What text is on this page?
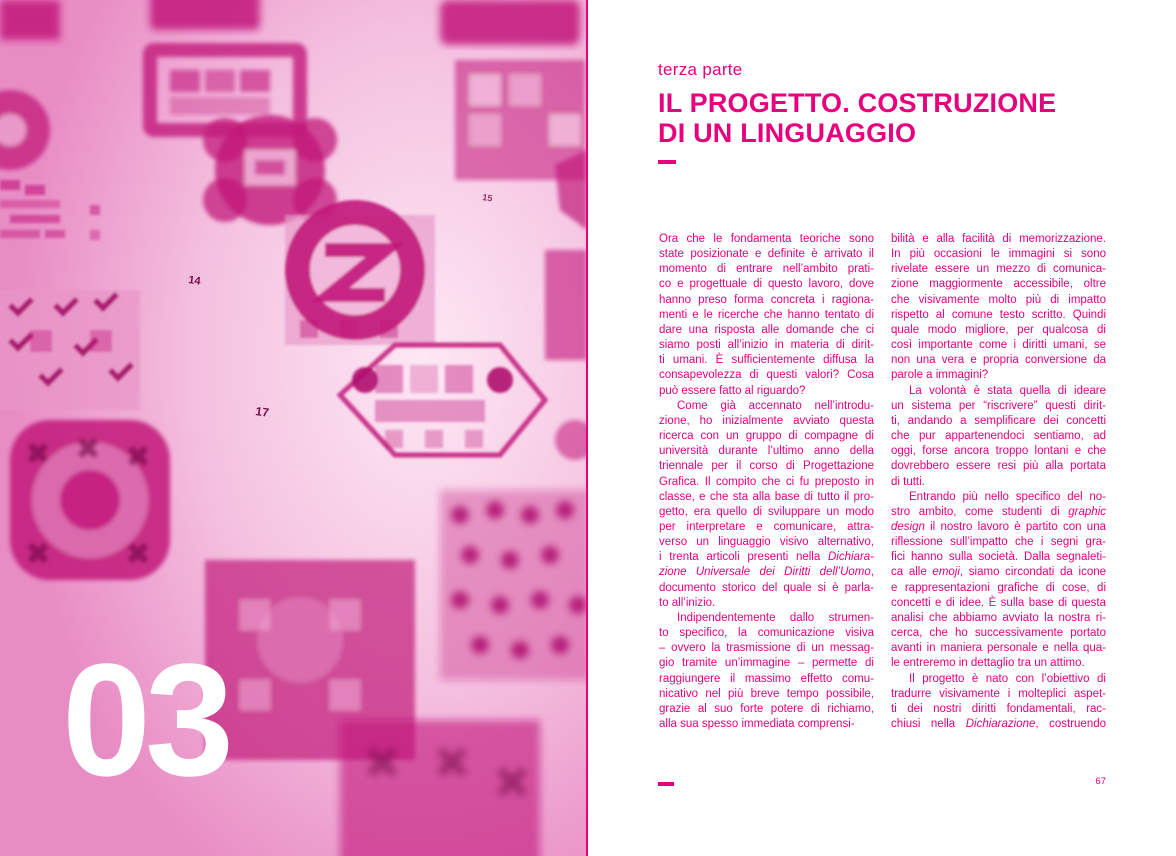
14
15
17
03
terza parte
IL PROGETTO. COSTRUZIONE
DI UN LINGUAGGIO
Ora che le fondamenta teoriche sono
state posizionate e definite è arrivato il
momento di entrare nell’ambito prati-
co e progettuale di questo lavoro, dove
hanno preso forma concreta i ragiona-
menti e le ricerche che hanno tentato di
dare una risposta alle domande che ci
siamo posti all’inizio in materia di dirit-
ti umani. È sufficientemente diffusa la
consapevolezza di questi valori? Cosa
può essere fatto al riguardo?
Come già accennato nell’introdu-
zione, ho inizialmente avviato questa
ricerca con un gruppo di compagne di
università durante l’ultimo anno della
triennale per il corso di Progettazione
Grafica. Il compito che ci fu preposto in
classe, e che sta alla base di tutto il pro-
getto, era quello di sviluppare un modo
per interpretare e comunicare, attra-
verso un linguaggio visivo alternativo,
i trenta articoli presenti nella Dichiara-
zione Universale dei Diritti dell’Uomo,
documento storico del quale si è parla-
to all’inizio.
Indipendentemente dallo strumen-
to specifico, la comunicazione visiva
– ovvero la trasmissione di un messag-
gio tramite un’immagine – permette di
raggiungere il massimo effetto comu-
nicativo nel più breve tempo possibile,
grazie al suo forte potere di richiamo,
alla sua spesso immediata comprensi-
bilità e alla facilità di memorizzazione.
In più occasioni le immagini si sono
rivelate essere un mezzo di comunica-
zione maggiormente accessibile, oltre
che visivamente molto più di impatto
rispetto al comune testo scritto. Quindi
quale modo migliore, per qualcosa di
così importante come i diritti umani, se
non una vera e propria conversione da
parole a immagini?
La volontà è stata quella di ideare
un sistema per “riscrivere” questi dirit-
ti, andando a semplificare dei concetti
che pur appartenendoci sentiamo, ad
oggi, forse ancora troppo lontani e che
dovrebbero essere resi più alla portata
di tutti.
Entrando più nello specifico del no-
stro ambito, come studenti di graphic
design il nostro lavoro è partito con una
riflessione sull’impatto che i segni gra-
fici hanno sulla società. Dalla segnaleti-
ca alle emoji, siamo circondati da icone
e rappresentazioni grafiche di cose, di
concetti e di idee. È sulla base di questa
analisi che abbiamo avviato la nostra ri-
cerca, che ho successivamente portato
avanti in maniera personale e nella qua-
le entreremo in dettaglio tra un attimo.
Il progetto è nato con l’obiettivo di
tradurre visivamente i molteplici aspet-
ti dei nostri diritti fondamentali, rac-
chiusi nella Dichiarazione, costruendo
67
